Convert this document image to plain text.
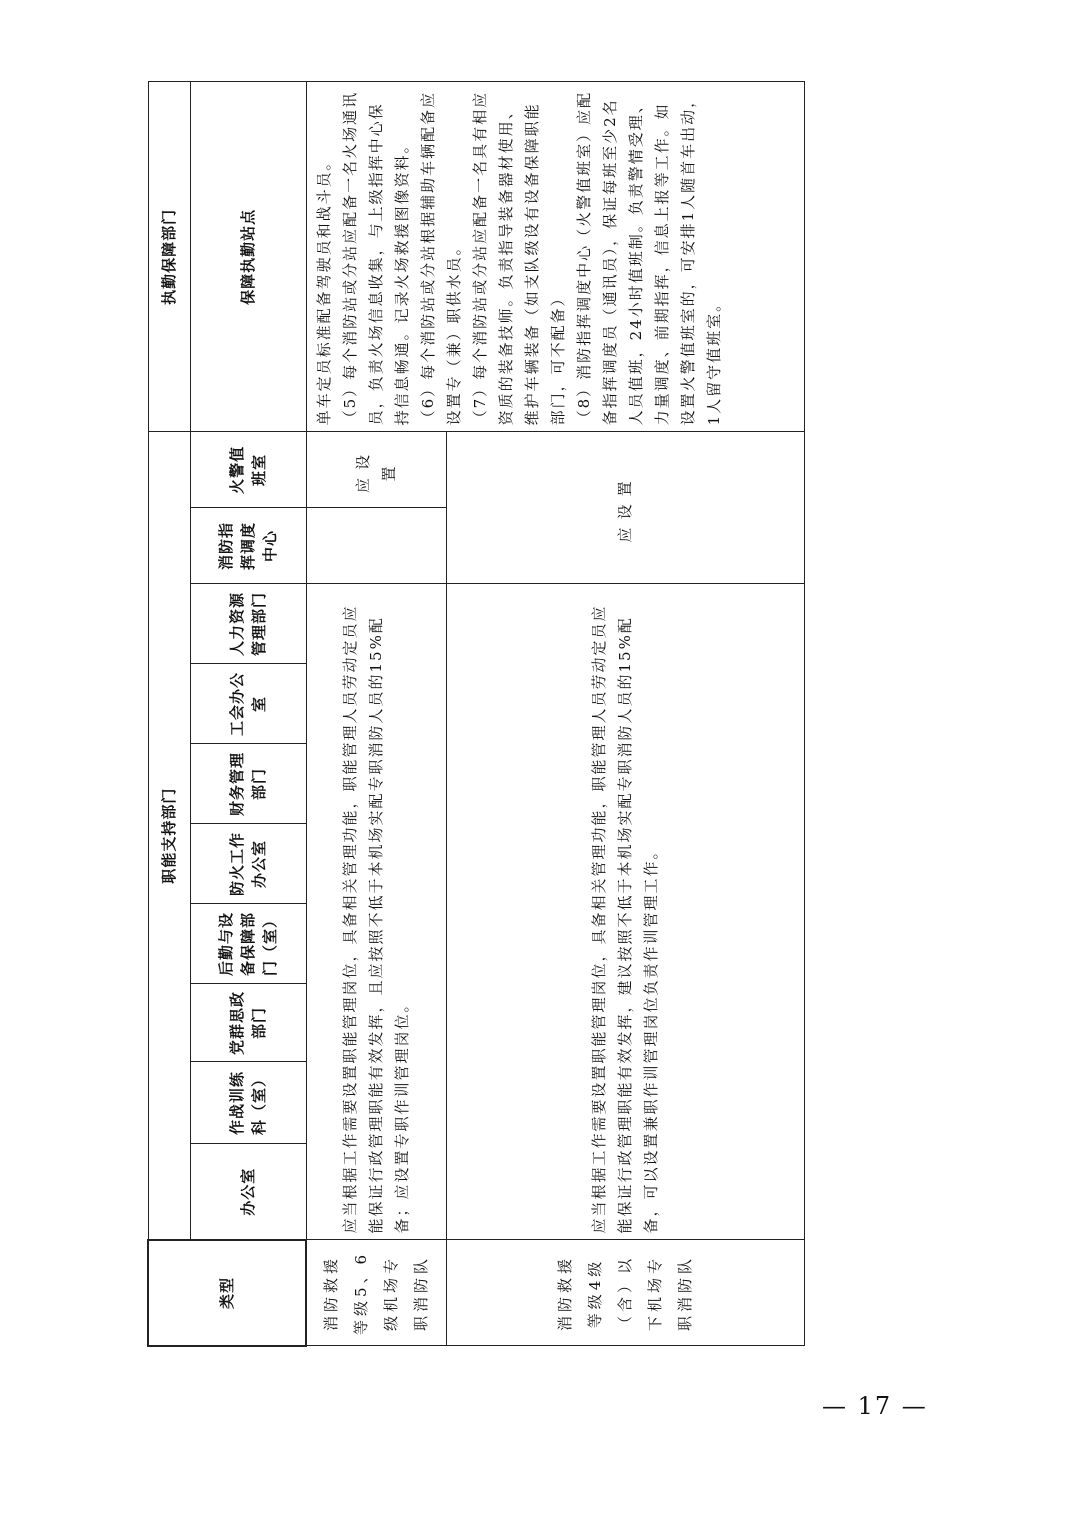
类型	职能支持部门										执勤保障部门
	办公室	作战训练科（室）	党群思政部门	后勤与设备保障部门（室）	防火工作办公室	财务管理部门	工会办公室	人力资源管理部门	消防指挥调度中心	火警值班室	保障执勤站点
消防救援等级5、6级机场专职消防队	应当根据工作需要设置职能管理岗位，具备相关管理功能，职能管理人员劳动定员应能保证行政管理职能有效发挥，且应按照不低于本机场实配专职消防人员的15%配备；应设置专职作训管理岗位。									应设置	单车定员标准配备驾驶员和战斗员。 （5）每个消防站或分站应配备一名火场通讯员，负责火场信息收集，与上级指挥中心保持信息畅通。记录火场救援图像资料。 （6）每个消防站或分站根据辅助车辆配备应设置专（兼）职供水员。 （7）每个消防站或分站应配备一名具有相应资质的装备技师。负责指导装备器材使用、维护车辆装备（如支队级设有设备保障职能部门，可不配备） （8）消防指挥调度中心（火警值班室）应配备指挥调度员（通讯员），保证每班至少2名人员值班，24小时值班制。负责警情受理、力量调度、前期指挥，信息上报等工作。如设置火警值班室的，可安排1人随首车出动，1人留守值班室。

消防救援等级4级（含）以下机场专职消防队	应当根据工作需要设置职能管理岗位，具备相关管理功能，职能管理人员劳动定员应能保证行政管理职能有效发挥，建议按照不低于本机场实配专职消防人员的15%配备，可以设置兼职作训管理岗位负责作训管理工作。								应设置		
— 17 —
